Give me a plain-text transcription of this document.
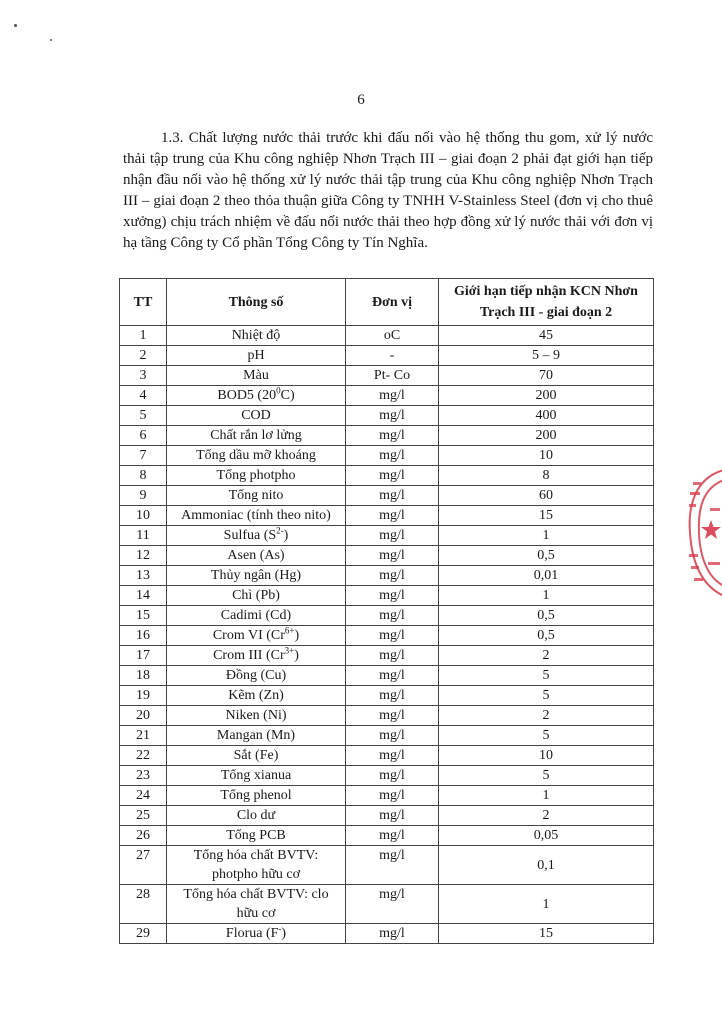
6
1.3. Chất lượng nước thải trước khi đấu nối vào hệ thống thu gom, xử lý nước thải tập trung của Khu công nghiệp Nhơn Trạch III – giai đoạn 2 phải đạt giới hạn tiếp nhận đầu nối vào hệ thống xử lý nước thải tập trung của Khu công nghiệp Nhơn Trạch III – giai đoạn 2 theo thỏa thuận giữa Công ty TNHH V-Stainless Steel (đơn vị cho thuê xưởng) chịu trách nhiệm về đấu nối nước thải theo hợp đồng xử lý nước thải với đơn vị hạ tầng Công ty Cổ phần Tổng Công ty Tín Nghĩa.
TT	Thông số	Đơn vị	Giới hạn tiếp nhận KCN Nhơn Trạch III - giai đoạn 2
1	Nhiệt độ	oC	45
2	pH	-	5 – 9
3	Màu	Pt- Co	70
4	BOD5 $(20^0C)$	mg/l	200
5	COD	mg/l	400
6	Chất rắn lơ lửng	mg/l	200
7	Tổng dầu mỡ khoáng	mg/l	10
8	Tổng photpho	mg/l	8
9	Tổng nito	mg/l	60
10	Ammoniac (tính theo nito)	mg/l	15
11	Sulfua $(S^{2-})$	mg/l	1
12	Asen (As)	mg/l	0,5
13	Thủy ngân (Hg)	mg/l	0,01
14	Chì (Pb)	mg/l	1
15	Cadimi (Cd)	mg/l	0,5
16	Crom VI $(Cr^{6+})$	mg/l	0,5
17	Crom III $(Cr^{3+})$	mg/l	2
18	Đồng (Cu)	mg/l	5
19	Kẽm (Zn)	mg/l	5
20	Niken (Ni)	mg/l	2
21	Mangan (Mn)	mg/l	5
22	Sắt (Fe)	mg/l	10
23	Tổng xianua	mg/l	5
24	Tổng phenol	mg/l	1
25	Clo dư	mg/l	2
26	Tổng PCB	mg/l	0,05
27	Tổng hóa chất BVTV: photpho hữu cơ	mg/l	0,1
28	Tổng hóa chất BVTV: clo hữu cơ	mg/l	1
29	Florua (F-)	mg/l	15
